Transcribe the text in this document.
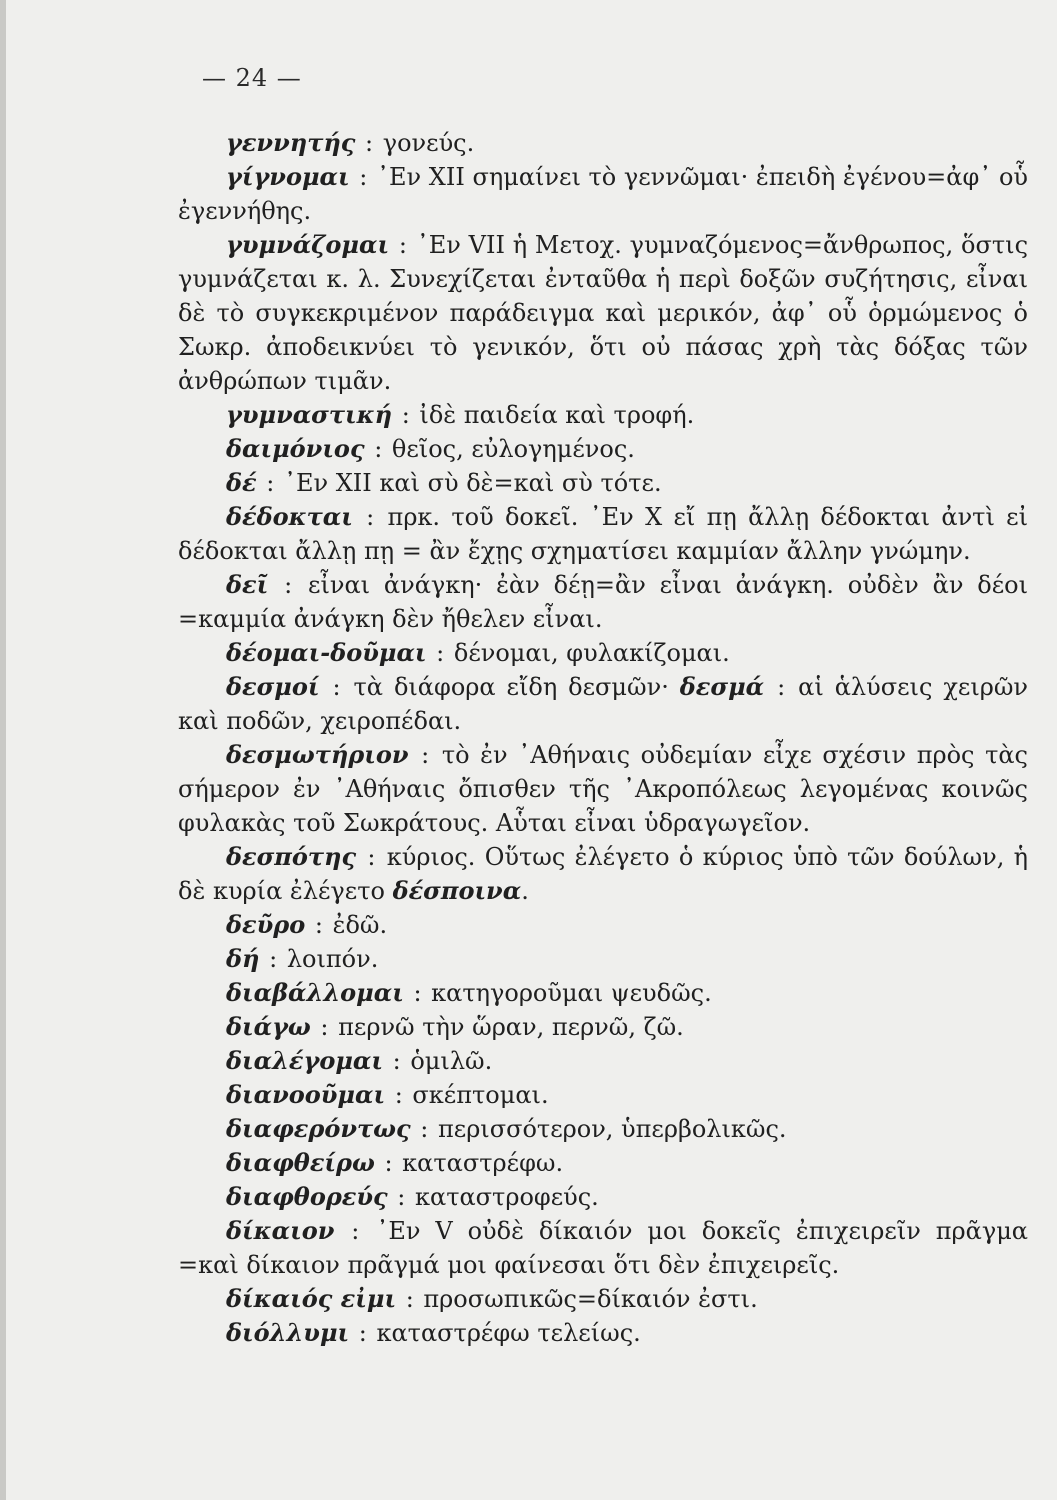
— 24 —

γεννητής : γονεύς.

γίγνομαι : ᾿Εν XII σημαίνει τὸ γεννῶμαι· ἐπειδὴ ἐγένου=ἀφ᾿ οὗ ἐγεννήθης.

γυμνάζομαι : ᾿Εν VII ἡ Μετοχ. γυμναζόμενος=ἄνθρωπος, ὅστις γυμνάζεται κ. λ. Συνεχίζεται ἐνταῦθα ἡ περὶ δοξῶν συζήτησις, εἶναι δὲ τὸ συγκεκριμένον παράδειγμα καὶ μερικόν, ἀφ᾿ οὗ ὁρμώμενος ὁ Σωκρ. ἀποδεικνύει τὸ γενικόν, ὅτι οὐ πάσας χρὴ τὰς δόξας τῶν ἀνθρώπων τιμᾶν.

γυμναστική : ἰδὲ παιδεία καὶ τροφή.

δαιμόνιος : θεῖος, εὐλογημένος.

δέ : ᾿Εν XII καὶ σὺ δὲ=καὶ σὺ τότε.

δέδοκται : πρκ. τοῦ δοκεῖ. ᾿Εν X εἴ πῃ ἄλλῃ δέδοκται ἀντὶ εἰ δέδοκται ἄλλῃ πῃ = ἂν ἔχῃς σχηματίσει καμμίαν ἄλλην γνώμην.

δεῖ : εἶναι ἀνάγκη· ἐὰν δέῃ=ἂν εἶναι ἀνάγκη. οὐδὲν ἂν δέοι =καμμία ἀνάγκη δὲν ἤθελεν εἶναι.

δέομαι-δοῦμαι : δένομαι, φυλακίζομαι.

δεσμοί : τὰ διάφορα εἴδη δεσμῶν· δεσμά : αἱ ἁλύσεις χειρῶν καὶ ποδῶν, χειροπέδαι.

δεσμωτήριον : τὸ ἐν ᾿Αθήναις οὐδεμίαν εἶχε σχέσιν πρὸς τὰς σήμερον ἐν ᾿Αθήναις ὄπισθεν τῆς ᾿Ακροπόλεως λεγομένας κοινῶς φυλακὰς τοῦ Σωκράτους. Αὗται εἶναι ὑδραγωγεῖον.

δεσπότης : κύριος. Οὕτως ἐλέγετο ὁ κύριος ὑπὸ τῶν δούλων, ἡ δὲ κυρία ἐλέγετο δέσποινα.

δεῦρο : ἐδῶ.

δή : λοιπόν.

διαβάλλομαι : κατηγοροῦμαι ψευδῶς.

διάγω : περνῶ τὴν ὥραν, περνῶ, ζῶ.

διαλέγομαι : ὁμιλῶ.

διανοοῦμαι : σκέπτομαι.

διαφερόντως : περισσότερον, ὑπερβολικῶς.

διαφθείρω : καταστρέφω.

διαφθορεύς : καταστροφεύς.

δίκαιον : ᾿Εν V οὐδὲ δίκαιόν μοι δοκεῖς ἐπιχειρεῖν πρᾶγμα =καὶ δίκαιον πρᾶγμά μοι φαίνεσαι ὅτι δὲν ἐπιχειρεῖς.

δίκαιός εἰμι : προσωπικῶς=δίκαιόν ἐστι.

διόλλυμι : καταστρέφω τελείως.
